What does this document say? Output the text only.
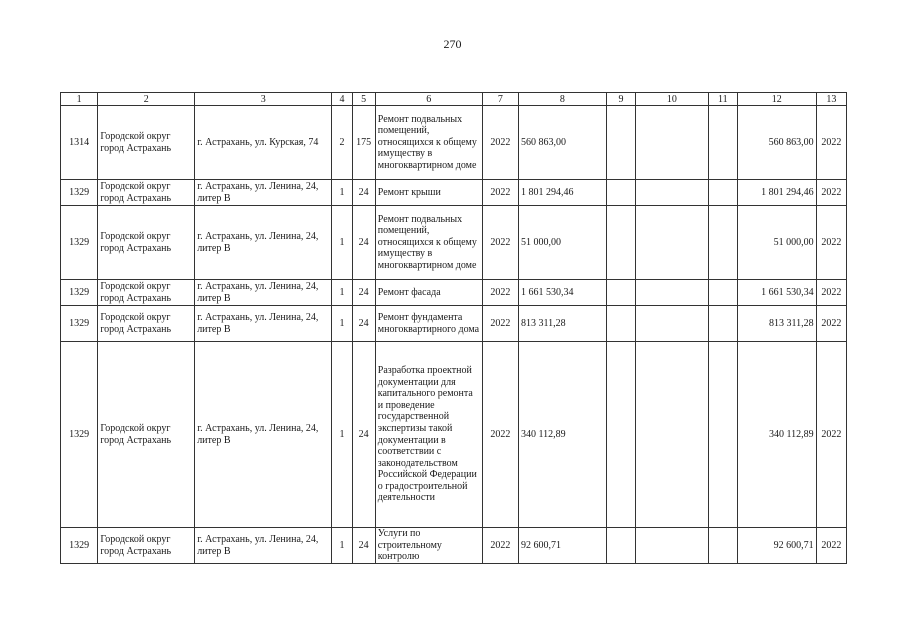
270
1	2	3	4	5	6	7	8	9	10	11	12	13
1314	Городской округ город Астрахань	г. Астрахань, ул. Курская, 74	2	175	Ремонт подвальных помещений, относящихся к общему имуществу в многоквартирном доме	2022	560 863,00				560 863,00	2022
1329	Городской округ город Астрахань	г. Астрахань, ул. Ленина, 24, литер В	1	24	Ремонт крыши	2022	1 801 294,46				1 801 294,46	2022
1329	Городской округ город Астрахань	г. Астрахань, ул. Ленина, 24, литер В	1	24	Ремонт подвальных помещений, относящихся к общему имуществу в многоквартирном доме	2022	51 000,00				51 000,00	2022
1329	Городской округ город Астрахань	г. Астрахань, ул. Ленина, 24, литер В	1	24	Ремонт фасада	2022	1 661 530,34				1 661 530,34	2022
1329	Городской округ город Астрахань	г. Астрахань, ул. Ленина, 24, литер В	1	24	Ремонт фундамента многоквартирного дома	2022	813 311,28				813 311,28	2022
1329	Городской округ город Астрахань	г. Астрахань, ул. Ленина, 24, литер В	1	24	Разработка проектной документации для капитального ремонта и проведение государственной экспертизы такой документации в соответствии с законодательством Российской Федерации о градостроительной деятельности	2022	340 112,89				340 112,89	2022
1329	Городской округ город Астрахань	г. Астрахань, ул. Ленина, 24, литер В	1	24	Услуги по строительному контролю	2022	92 600,71				92 600,71	2022
